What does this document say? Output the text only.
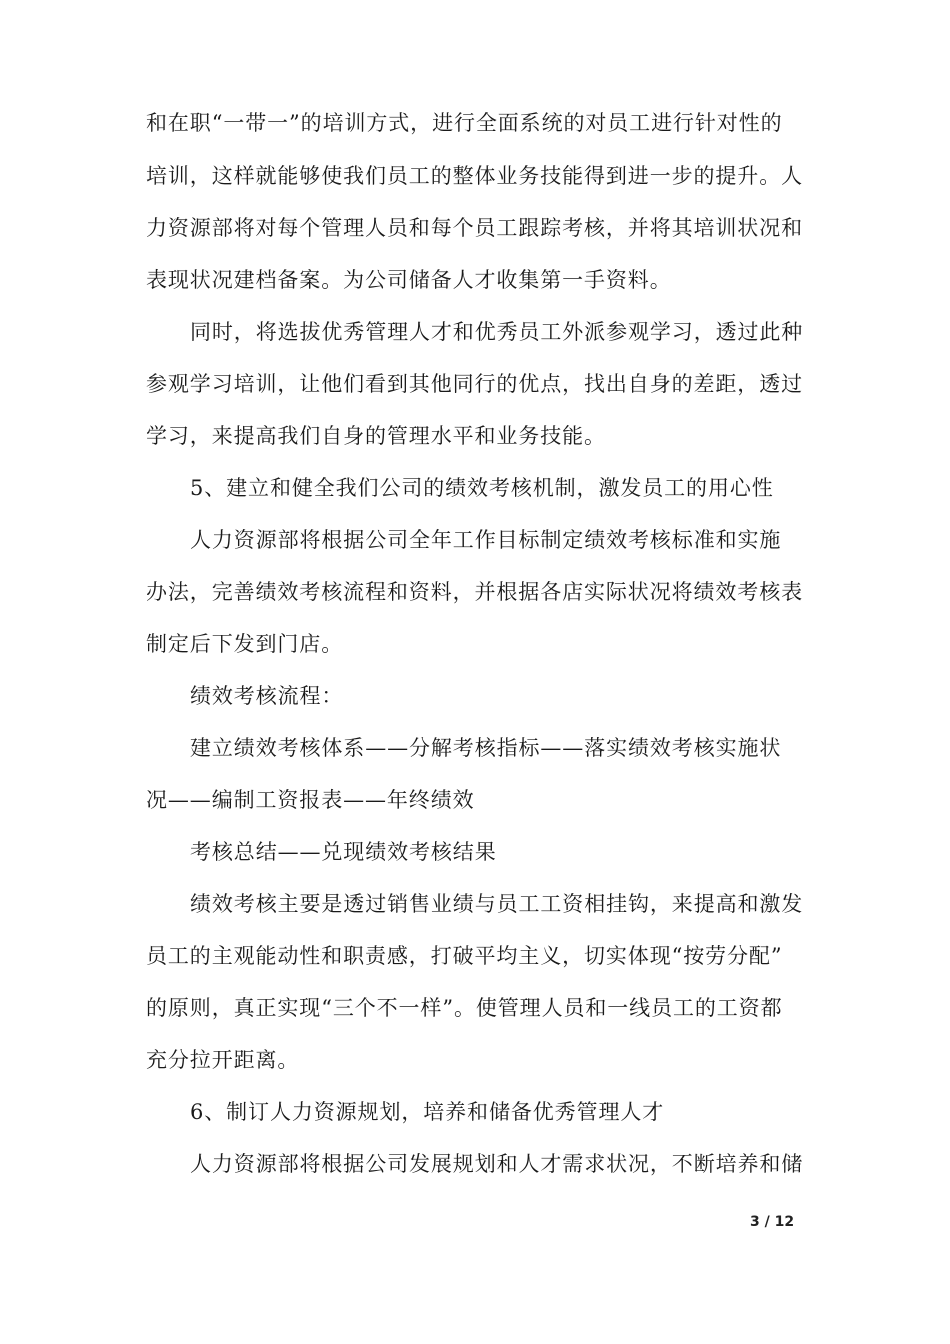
和在职“一带一”的培训方式，进行全面系统的对员工进行针对性的

培训，这样就能够使我们员工的整体业务技能得到进一步的提升。人

力资源部将对每个管理人员和每个员工跟踪考核，并将其培训状况和

表现状况建档备案。为公司储备人才收集第一手资料。

同时，将选拔优秀管理人才和优秀员工外派参观学习，透过此种

参观学习培训，让他们看到其他同行的优点，找出自身的差距，透过

学习，来提高我们自身的管理水平和业务技能。

5、建立和健全我们公司的绩效考核机制，激发员工的用心性

人力资源部将根据公司全年工作目标制定绩效考核标准和实施

办法，完善绩效考核流程和资料，并根据各店实际状况将绩效考核表

制定后下发到门店。

绩效考核流程：

建立绩效考核体系——分解考核指标——落实绩效考核实施状

况——编制工资报表——年终绩效

考核总结——兑现绩效考核结果

绩效考核主要是透过销售业绩与员工工资相挂钩，来提高和激发

员工的主观能动性和职责感，打破平均主义，切实体现“按劳分配”

的原则，真正实现“三个不一样”。使管理人员和一线员工的工资都

充分拉开距离。

6、制订人力资源规划，培养和储备优秀管理人才

人力资源部将根据公司发展规划和人才需求状况，不断培养和储

3 / 12
